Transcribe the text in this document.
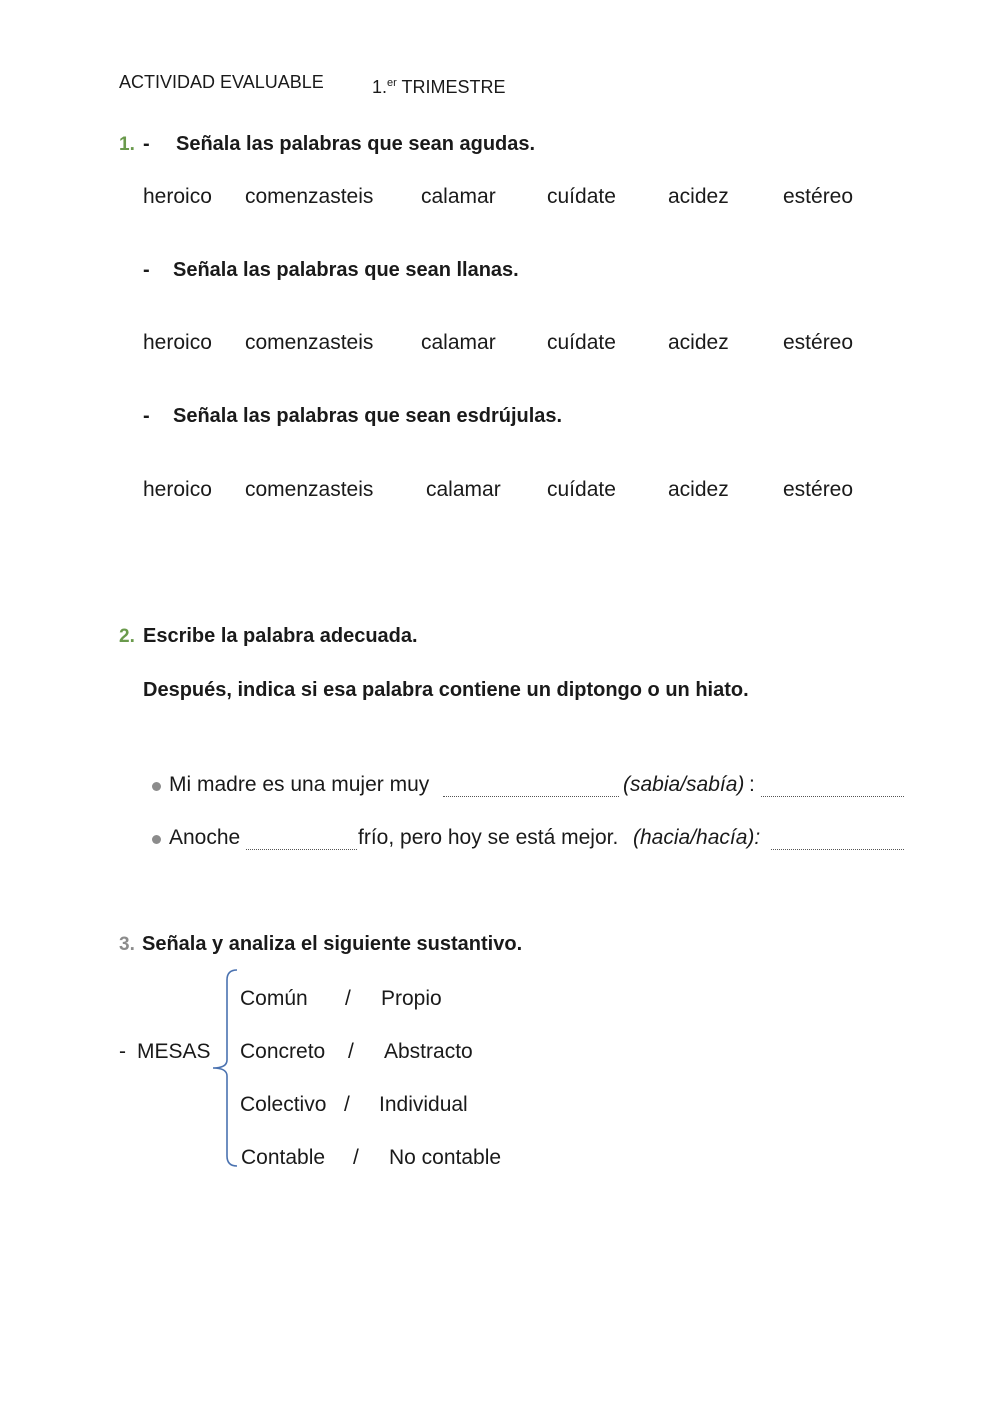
ACTIVIDAD EVALUABLE	1.$^{er}$ TRIMESTRE
1. - Señala las palabras que sean agudas.
heroico comenzasteis calamar cuídate acidez	estéreo
- Señala las palabras que sean llanas.
heroico comenzasteis calamar cuídate acidez	estéreo
- Señala las palabras que sean esdrújulas.
heroico comenzasteis	calamar cuídate acidez	estéreo
2. Escribe la palabra adecuada.
Después, indica si esa palabra contiene un diptongo o un hiato.
Mi madre es una mujer muy	(sabia/sabía) :
Anoche	frío, pero hoy se está mejor. (hacia/hacía):
3. Señala y analiza el siguiente sustantivo.
- MESAS
Común / Propio
Concreto / Abstracto
Colectivo / Individual
Contable / No contable
